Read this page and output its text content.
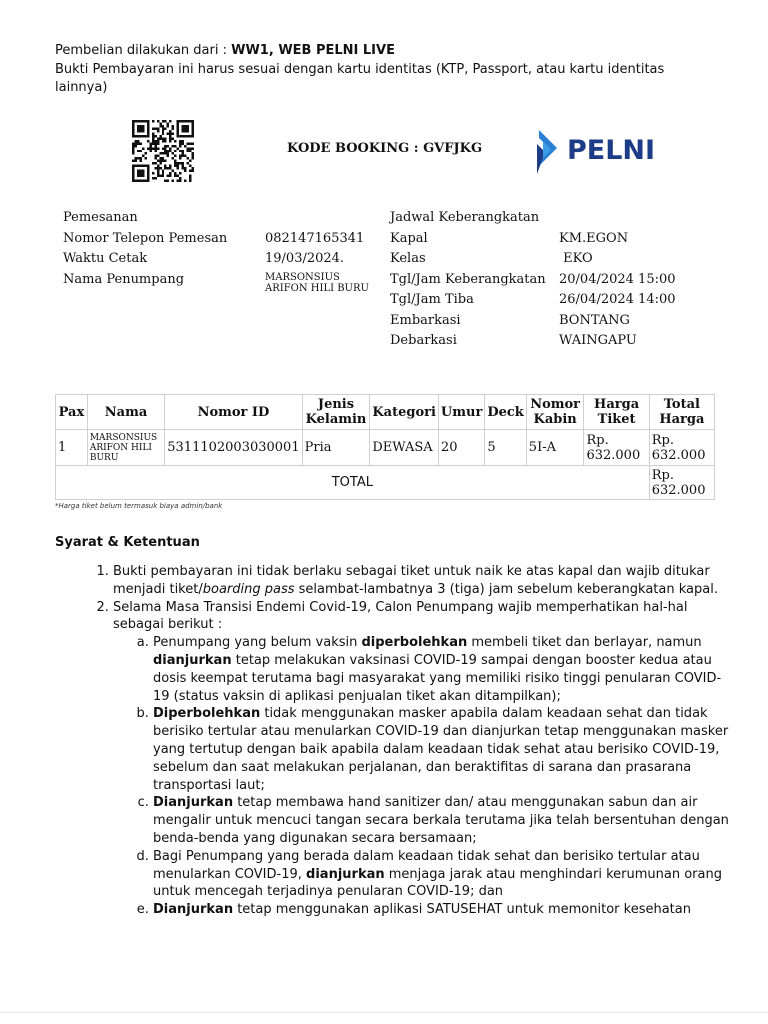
Pembelian dilakukan dari : WW1, WEB PELNI LIVE
Bukti Pembayaran ini harus sesuai dengan kartu identitas (KTP, Passport, atau kartu identitas lainnya)
KODE BOOKING : GVFJKG	PELNI
Pemesanan
Nomor Telepon Pemesan	082147165341
Waktu Cetak	19/03/2024.
Nama Penumpang	MARSONSIUS ARIFON HILI BURU
Jadwal Keberangkatan
Kapal	KM.EGON
Kelas	EKO
Tgl/Jam Keberangkatan 20/04/2024 15:00
Tgl/Jam Tiba	26/04/2024 14:00
Embarkasi	BONTANG
Debarkasi	WAINGAPU
Pax	Nama	Nomor ID	Jenis Kelamin	Kategori	Umur	Deck	Nomor Kabin	Harga Tiket	Total Harga
1	MARSONSIUS ARIFON HILI BURU	5311102003030001	Pria	DEWASA	20	5	5I-A	Rp. 632.000	Rp. 632.000
TOTAL									Rp. 632.000
*Harga tiket belum termasuk biaya admin/bank
Syarat & Ketentuan
1. Bukti pembayaran ini tidak berlaku sebagai tiket untuk naik ke atas kapal dan wajib ditukar menjadi tiket/boarding pass selambat-lambatnya 3 (tiga) jam sebelum keberangkatan kapal.
2. Selama Masa Transisi Endemi Covid-19, Calon Penumpang wajib memperhatikan hal-hal sebagai berikut :
a. Penumpang yang belum vaksin diperbolehkan membeli tiket dan berlayar, namun dianjurkan tetap melakukan vaksinasi COVID-19 sampai dengan booster kedua atau dosis keempat terutama bagi masyarakat yang memiliki risiko tinggi penularan COVID-19 (status vaksin di aplikasi penjualan tiket akan ditampilkan);
b. Diperbolehkan tidak menggunakan masker apabila dalam keadaan sehat dan tidak berisiko tertular atau menularkan COVID-19 dan dianjurkan tetap menggunakan masker yang tertutup dengan baik apabila dalam keadaan tidak sehat atau berisiko COVID-19, sebelum dan saat melakukan perjalanan, dan beraktifitas di sarana dan prasarana transportasi laut;
c. Dianjurkan tetap membawa hand sanitizer dan/ atau menggunakan sabun dan air mengalir untuk mencuci tangan secara berkala terutama jika telah bersentuhan dengan benda-benda yang digunakan secara bersamaan;
d. Bagi Penumpang yang berada dalam keadaan tidak sehat dan berisiko tertular atau menularkan COVID-19, dianjurkan menjaga jarak atau menghindari kerumunan orang untuk mencegah terjadinya penularan COVID-19; dan
e. Dianjurkan tetap menggunakan aplikasi SATUSEHAT untuk memonitor kesehatan
